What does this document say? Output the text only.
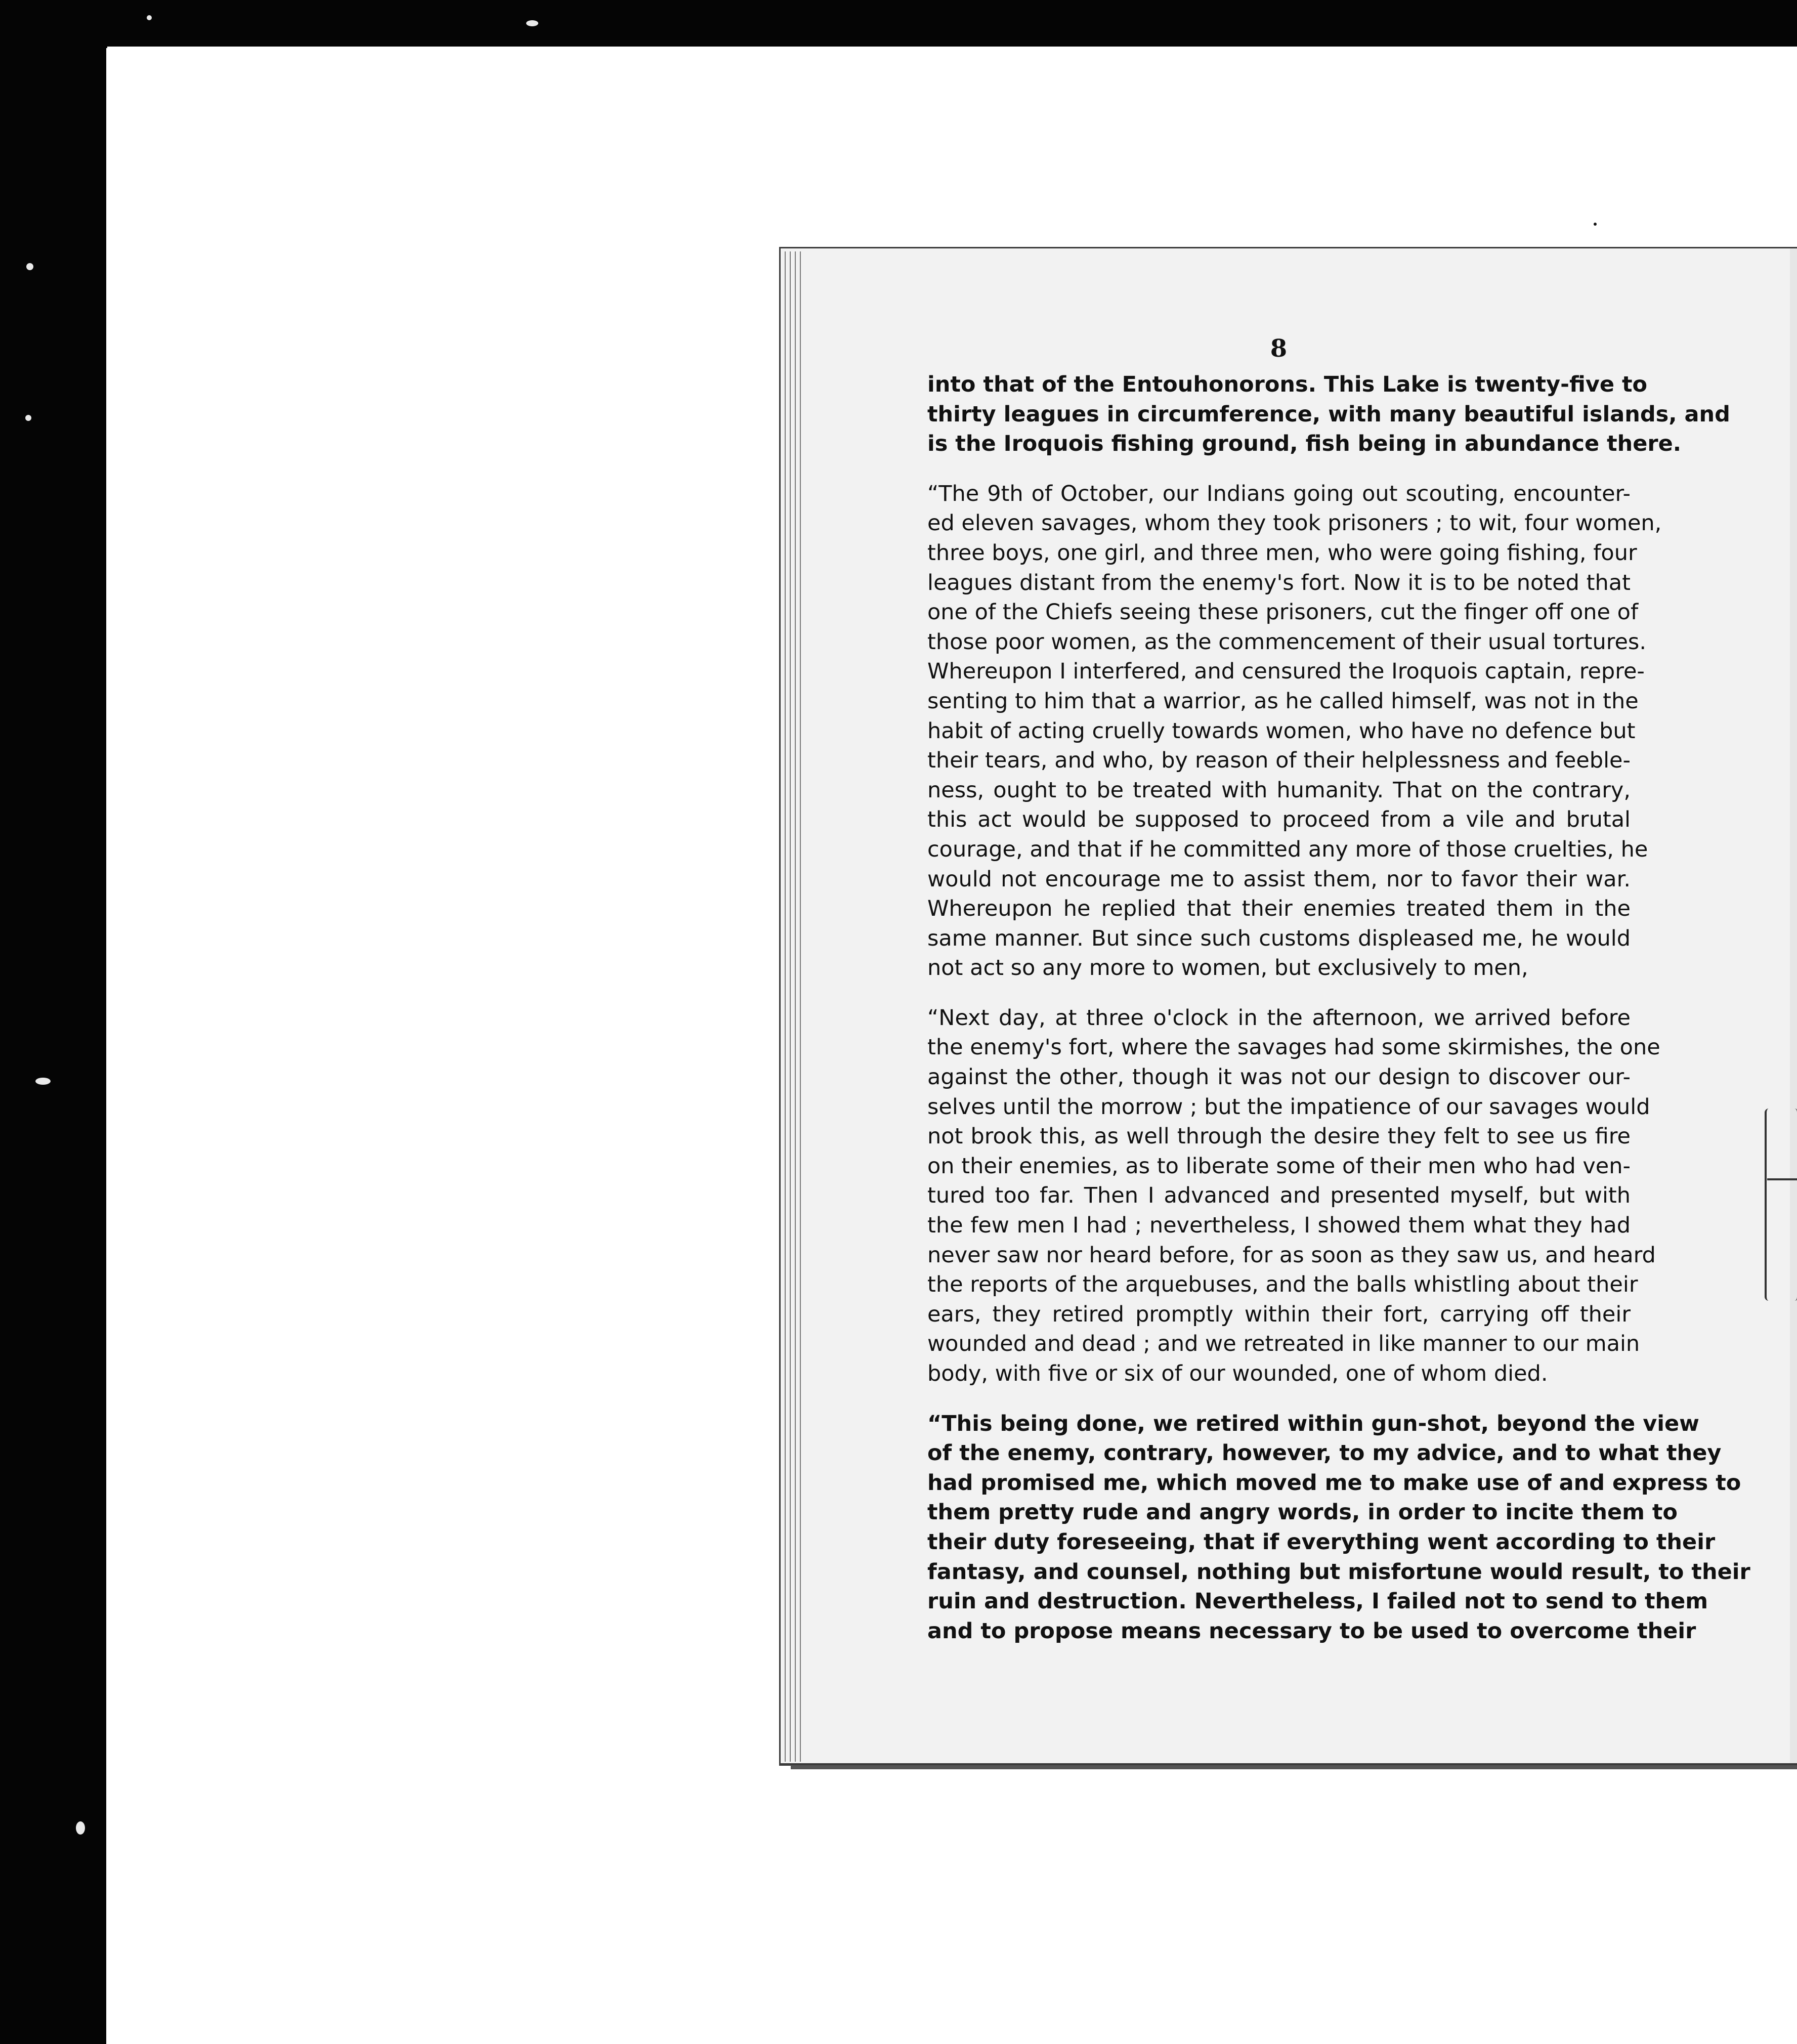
8
into that of the Entouhonorons. This Lake is twenty-five to
thirty leagues in circumference, with many beautiful islands, and
is the Iroquois fishing ground, fish being in abundance there.
“The 9th of October, our Indians going out scouting, encounter-
ed eleven savages, whom they took prisoners ; to wit, four women,
three boys, one girl, and three men, who were going fishing, four
leagues distant from the enemy's fort. Now it is to be noted that
one of the Chiefs seeing these prisoners, cut the finger off one of
those poor women, as the commencement of their usual tortures.
Whereupon I interfered, and censured the Iroquois captain, repre-
senting to him that a warrior, as he called himself, was not in the
habit of acting cruelly towards women, who have no defence but
their tears, and who, by reason of their helplessness and feeble-
ness, ought to be treated with humanity. That on the contrary,
this act would be supposed to proceed from a vile and brutal
courage, and that if he committed any more of those cruelties, he
would not encourage me to assist them, nor to favor their war.
Whereupon he replied that their enemies treated them in the
same manner. But since such customs displeased me, he would
not act so any more to women, but exclusively to men,
“Next day, at three o'clock in the afternoon, we arrived before
the enemy's fort, where the savages had some skirmishes, the one
against the other, though it was not our design to discover our-
selves until the morrow ; but the impatience of our savages would
not brook this, as well through the desire they felt to see us fire
on their enemies, as to liberate some of their men who had ven-
tured too far. Then I advanced and presented myself, but with
the few men I had ; nevertheless, I showed them what they had
never saw nor heard before, for as soon as they saw us, and heard
the reports of the arquebuses, and the balls whistling about their
ears, they retired promptly within their fort, carrying off their
wounded and dead ; and we retreated in like manner to our main
body, with five or six of our wounded, one of whom died.
“This being done, we retired within gun-shot, beyond the view
of the enemy, contrary, however, to my advice, and to what they
had promised me, which moved me to make use of and express to
them pretty rude and angry words, in order to incite them to
their duty foreseeing, that if everything went according to their
fantasy, and counsel, nothing but misfortune would result, to their
ruin and destruction. Nevertheless, I failed not to send to them
and to propose means necessary to be used to overcome their
